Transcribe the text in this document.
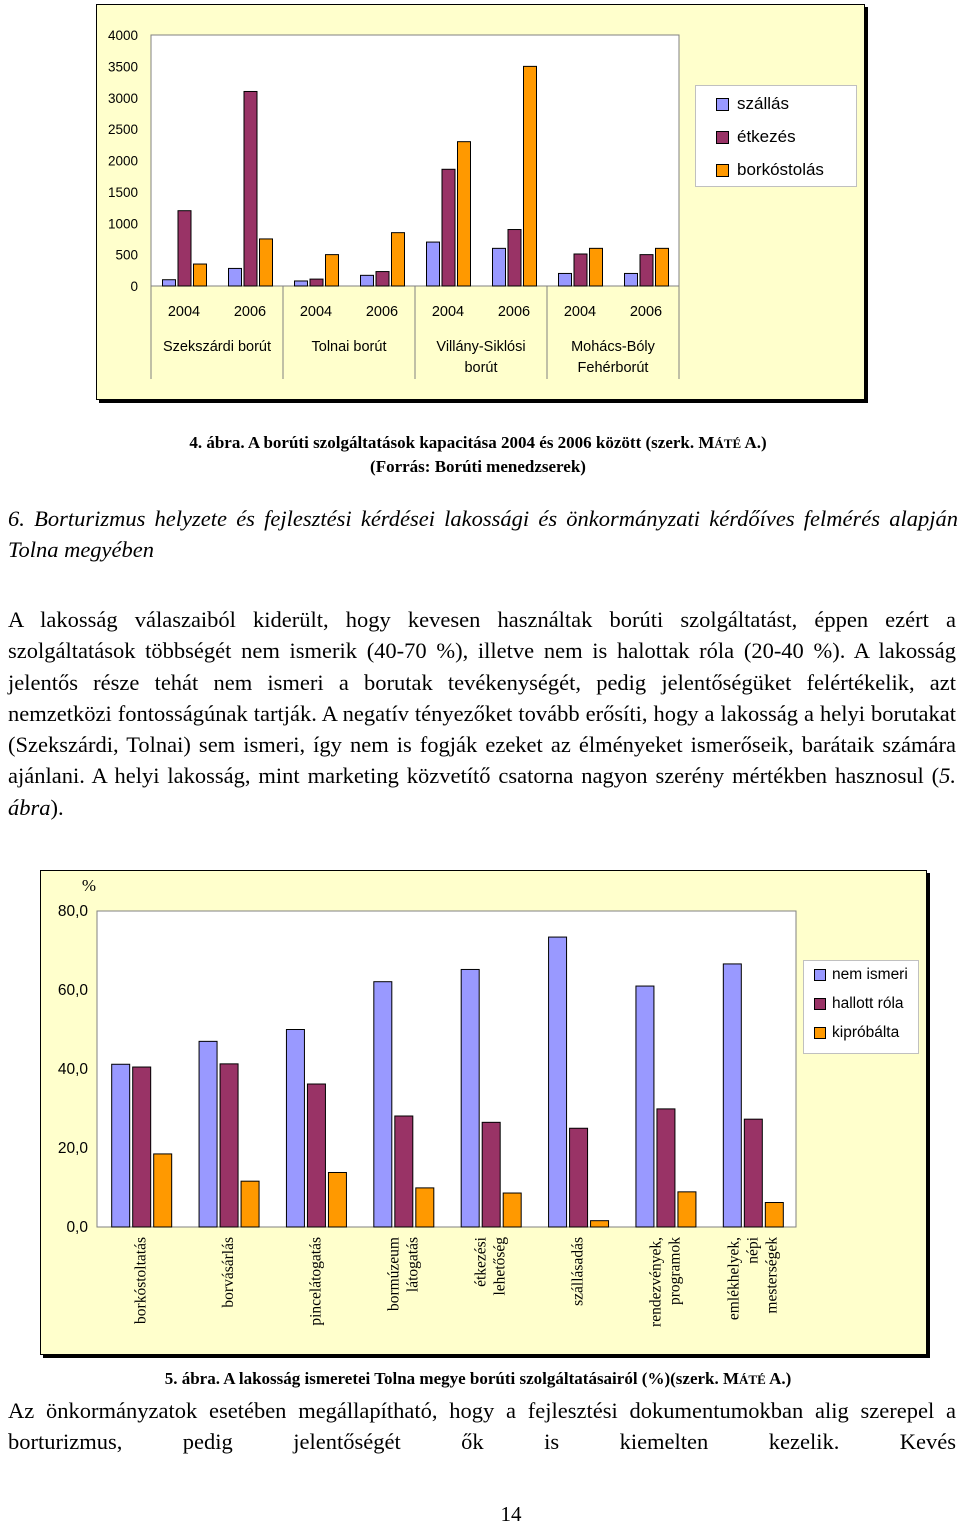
4000
3500
3000
2500
2000
1500
1000
500
0
2004 2006 2004 2006 2004 2006 2004 2006
Szekszárdi borút	Tolnai borút	Villány-Siklósi borút
Mohács-Bóly Fehérborút
szállás
étkezés
borkóstolás
4. ábra. A borúti szolgáltatások kapacitása 2004 és 2006 között (szerk. MÁTÉ A.)
(Forrás: Borúti menedzserek)

6. Borturizmus helyzete és fejlesztési kérdései lakossági és önkormányzati kérdőíves felmérés alapján Tolna megyében

A lakosság válaszaiból kiderült, hogy kevesen használtak borúti szolgáltatást, éppen ezért a szolgáltatások többségét nem ismerik (40-70 %), illetve nem is halottak róla (20-40 %). A lakosság jelentős része tehát nem ismeri a borutak tevékenységét, pedig jelentőségüket felértékelik, azt nemzetközi fontosságúnak tartják. A negatív tényezőket tovább erősíti, hogy a lakosság a helyi borutakat (Szekszárdi, Tolnai) sem ismeri, így nem is fogják ezeket az élményeket ismerőseik, barátaik számára ajánlani. A helyi lakosság, mint marketing közvetítő csatorna nagyon szerény mértékben hasznosul (5. ábra).

%
80,0
60,0
40,0
20,0
0,0
borkóstoltatás	borvásárlás	pincelátogatás	bormúzeum látogatás	étkezési lehetőség	szállásadás	rendezvények, programok	emlékhelyek, népi mesterségek
nem ismeri
hallott róla
kipróbálta
5. ábra. A lakosság ismeretei Tolna megye borúti szolgáltatásairól (%)(szerk. MÁTÉ A.)

Az önkormányzatok esetében megállapítható, hogy a fejlesztési dokumentumokban alig szerepel a borturizmus, pedig jelentőségét ők is kiemelten kezelik. Kevés

14
